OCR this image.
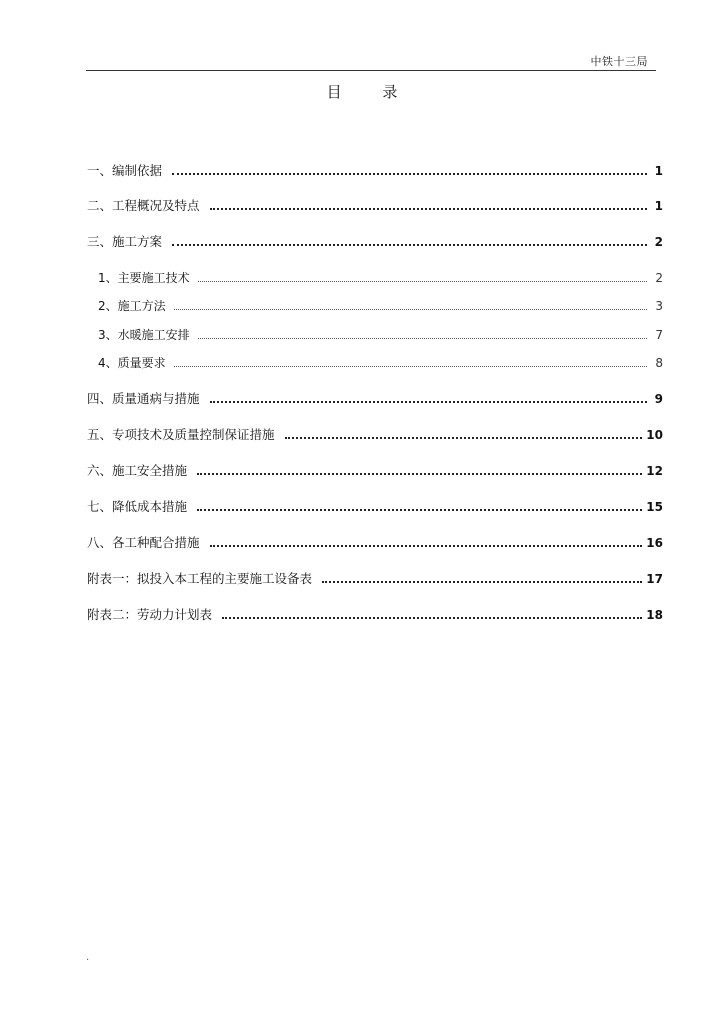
中铁十三局
目 录
一、编制依据	1
二、工程概况及特点	1
三、施工方案	2
1、主要施工技术	2
2、施工方法	3
3、水暖施工安排	7
4、质量要求	8
四、质量通病与措施	9
五、专项技术及质量控制保证措施	10
六、施工安全措施	12
七、降低成本措施	15
八、各工种配合措施	16
附表一：拟投入本工程的主要施工设备表	17
附表二：劳动力计划表	18
.
